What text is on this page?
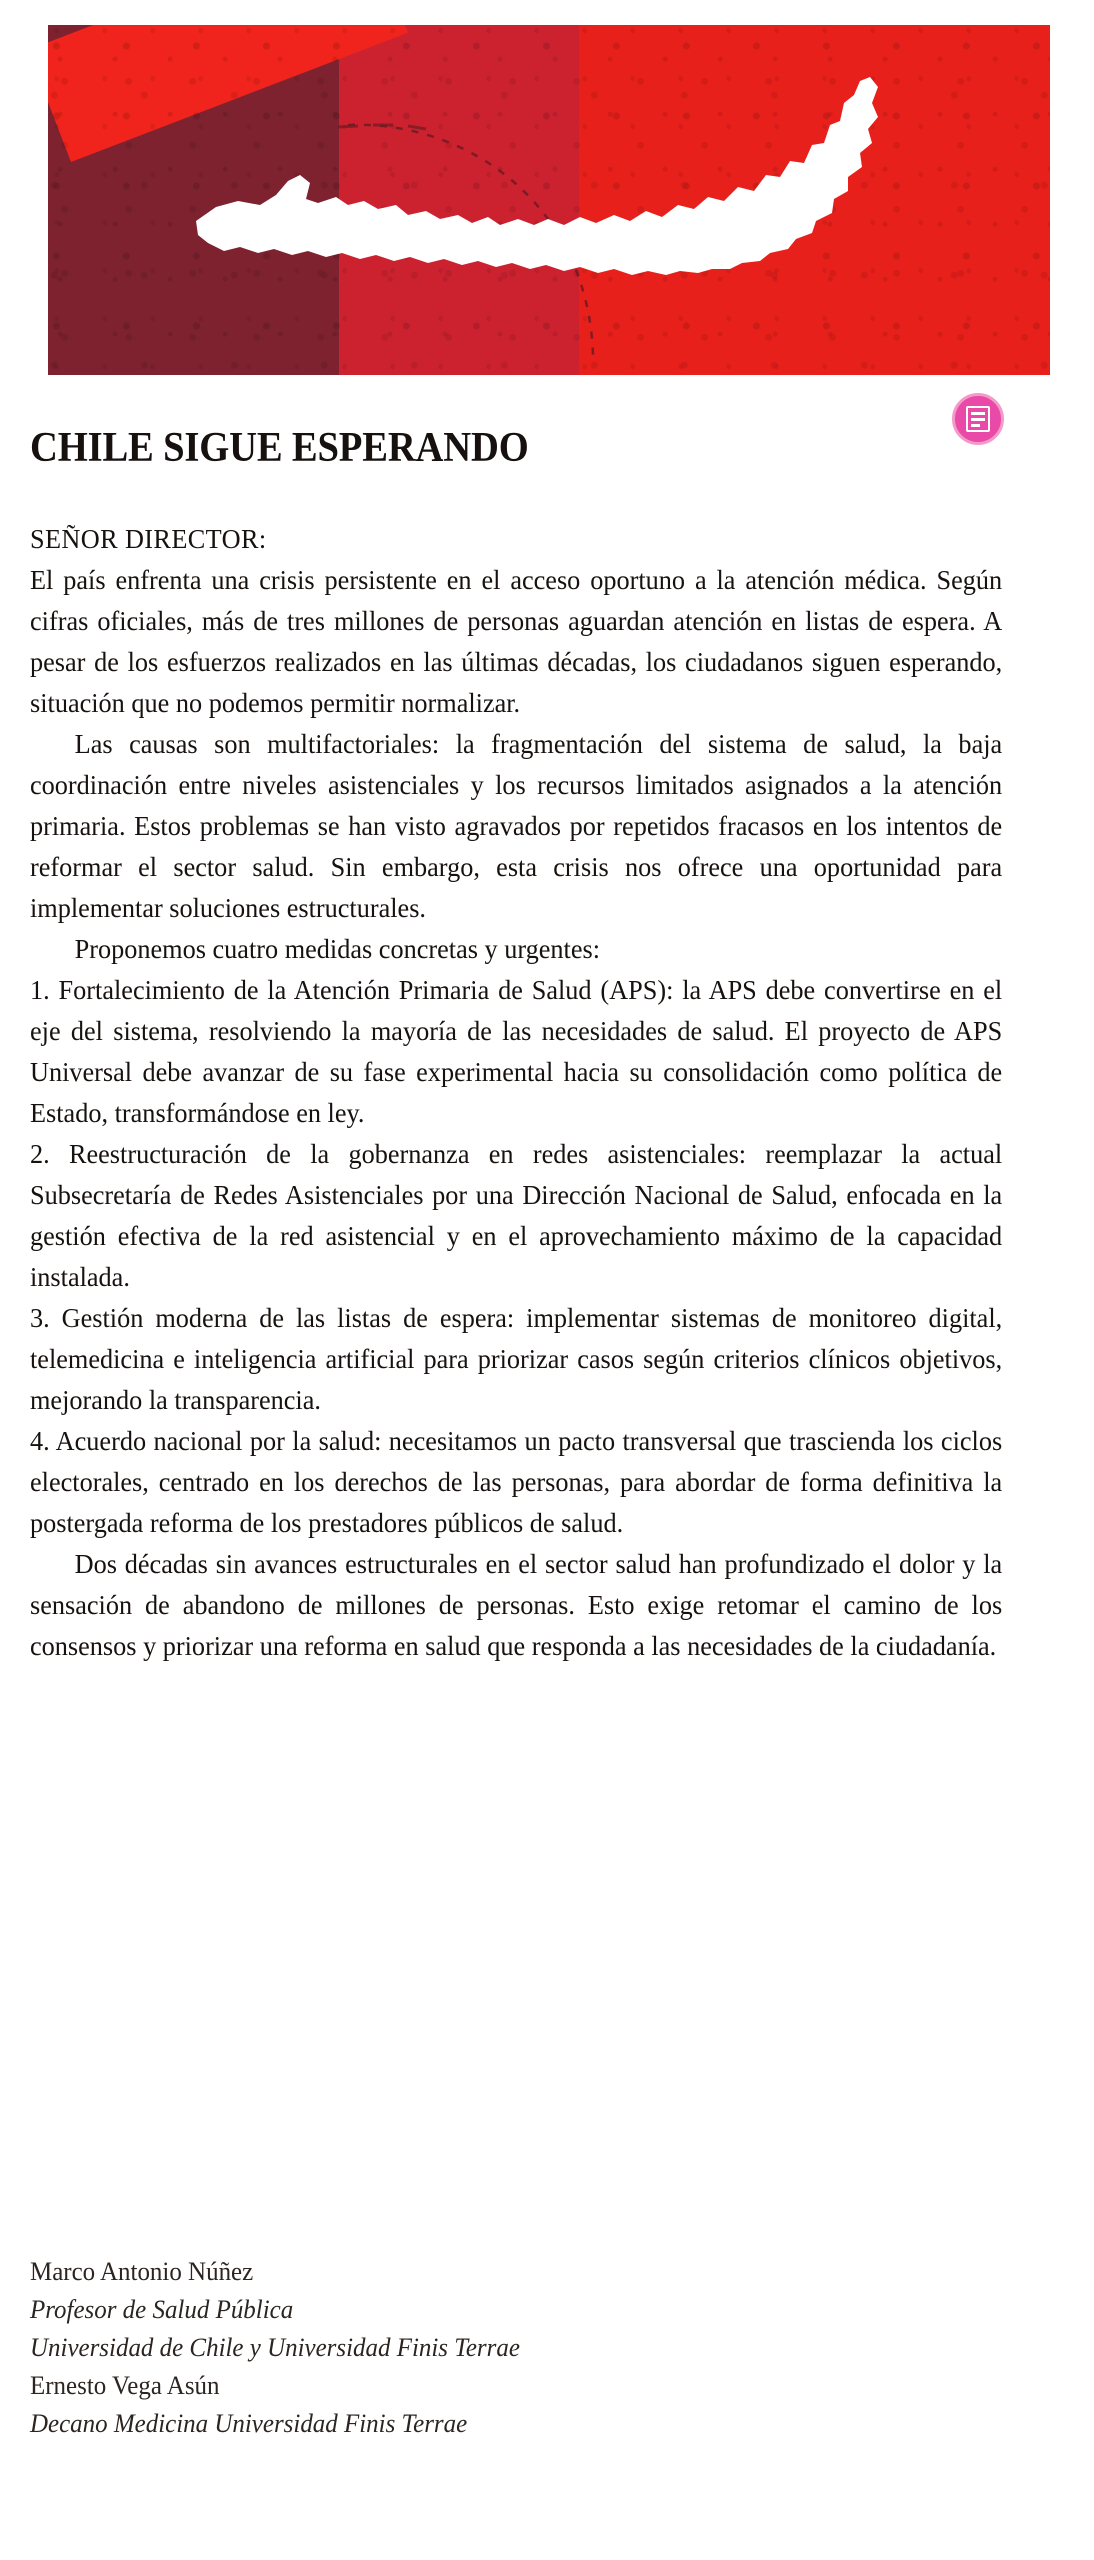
CHILE SIGUE ESPERANDO

SEÑOR DIRECTOR:

El país enfrenta una crisis persistente en el acceso oportuno a la atención médica. Según cifras oficiales, más de tres millones de personas aguardan atención en listas de espera. A pesar de los esfuerzos realizados en las últimas décadas, los ciudadanos siguen esperando, situación que no podemos permitir normalizar.

Las causas son multifactoriales: la fragmentación del sistema de salud, la baja coordinación entre niveles asistenciales y los recursos limitados asignados a la atención primaria. Estos problemas se han visto agravados por repetidos fracasos en los intentos de reformar el sector salud. Sin embargo, esta crisis nos ofrece una oportunidad para implementar soluciones estructurales.

Proponemos cuatro medidas concretas y urgentes:

1. Fortalecimiento de la Atención Primaria de Salud (APS): la APS debe convertirse en el eje del sistema, resolviendo la mayoría de las necesidades de salud. El proyecto de APS Universal debe avanzar de su fase experimental hacia su consolidación como política de Estado, transformándose en ley.

2. Reestructuración de la gobernanza en redes asistenciales: reemplazar la actual Subsecretaría de Redes Asistenciales por una Dirección Nacional de Salud, enfocada en la gestión efectiva de la red asistencial y en el aprovechamiento máximo de la capacidad instalada.

3. Gestión moderna de las listas de espera: implementar sistemas de monitoreo digital, telemedicina e inteligencia artificial para priorizar casos según criterios clínicos objetivos, mejorando la transparencia.

4. Acuerdo nacional por la salud: necesitamos un pacto transversal que trascienda los ciclos electorales, centrado en los derechos de las personas, para abordar de forma definitiva la postergada reforma de los prestadores públicos de salud.

Dos décadas sin avances estructurales en el sector salud han profundizado el dolor y la sensación de abandono de millones de personas. Esto exige retomar el camino de los consensos y priorizar una reforma en salud que responda a las necesidades de la ciudadanía.

Marco Antonio Núñez
Profesor de Salud Pública
Universidad de Chile y Universidad Finis Terrae
Ernesto Vega Asún
Decano Medicina Universidad Finis Terrae
